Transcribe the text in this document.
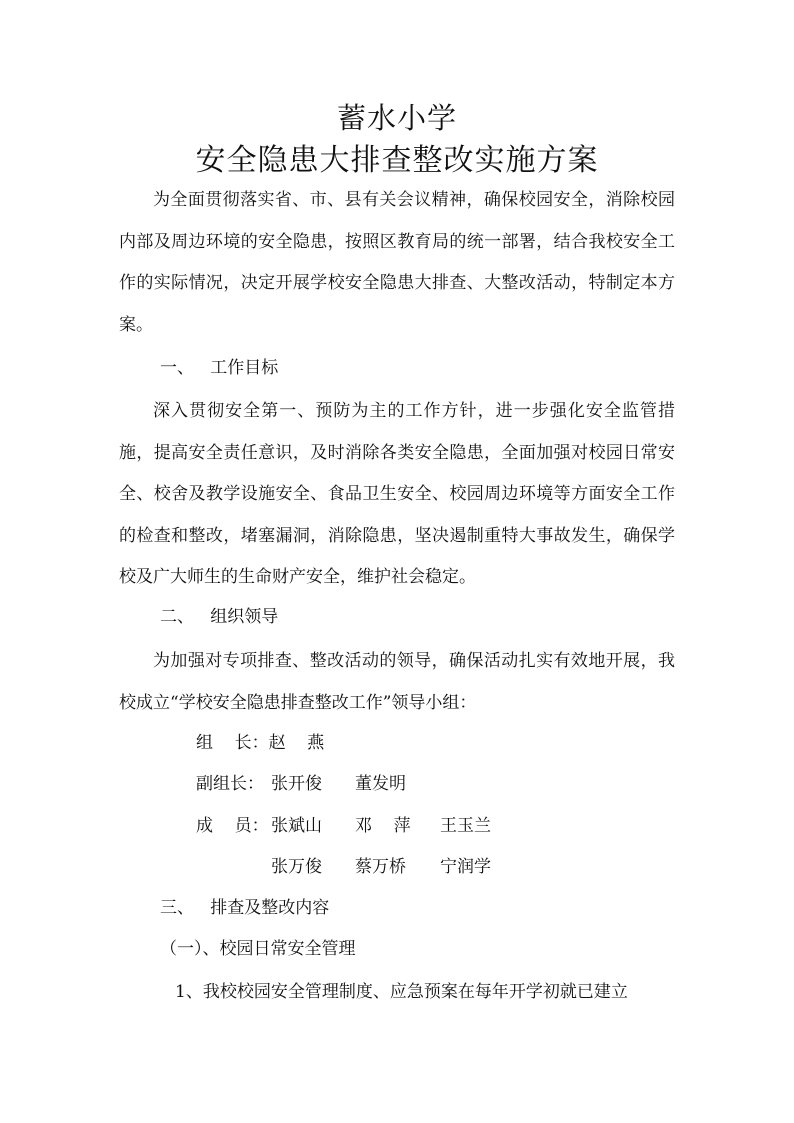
蓄水小学
安全隐患大排查整改实施方案
为全面贯彻落实省、市、县有关会议精神，确保校园安全，消除校园内部及周边环境的安全隐患，按照区教育局的统一部署，结合我校安全工作的实际情况，决定开展学校安全隐患大排查、大整改活动，特制定本方案。
一、   工作目标
深入贯彻安全第一、预防为主的工作方针，进一步强化安全监管措施，提高安全责任意识，及时消除各类安全隐患，全面加强对校园日常安全、校舍及教学设施安全、食品卫生安全、校园周边环境等方面安全工作的检查和整改，堵塞漏洞，消除隐患，坚决遏制重特大事故发生，确保学校及广大师生的生命财产安全，维护社会稳定。
二、   组织领导
为加强对专项排查、整改活动的领导，确保活动扎实有效地开展，我校成立“学校安全隐患排查整改工作”领导小组：
组    长：赵    燕
副组长： 张开俊 董发明
成    员： 张斌山 邓    萍 王玉兰
张万俊 蔡万桥 宁润学
三、   排查及整改内容
（一）、校园日常安全管理
1、我校校园安全管理制度、应急预案在每年开学初就已建立
